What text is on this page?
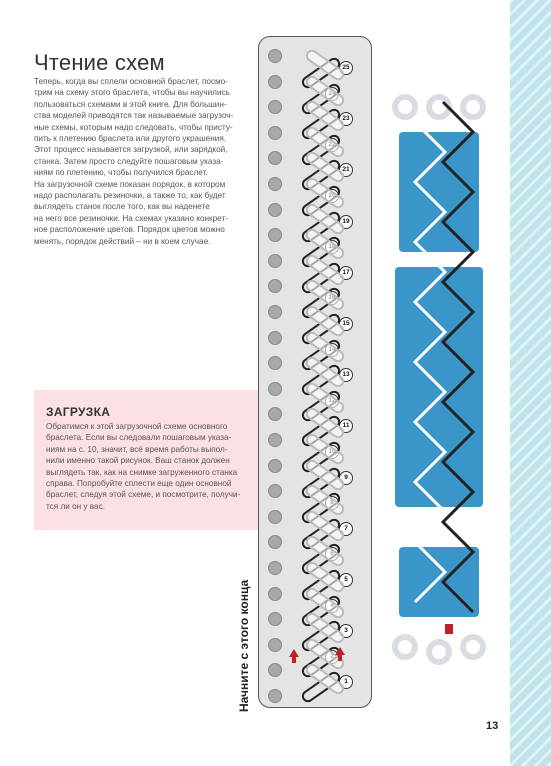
Чтение схем

Теперь, когда вы сплели основной браслет, посмо-

трим на схему этого браслета, чтобы вы научились

пользоваться схемами в этой книге. Для большин-

ства моделей приводятся так называемые загрузоч-

ные схемы, которым надо следовать, чтобы присту-

пить к плетению браслета или другого украшения.

Этот процесс называется загрузкой, или зарядкой,

станка. Затем просто следуйте пошаговым указа-

ниям по плетению, чтобы получился браслет.

На загрузочной схеме показан порядок, в котором

надо располагать резиночки, а также то, как будет

выглядеть станок после того, как вы наденете

на него все резиночки. На схемах указано конкрет-

ное расположение цветов. Порядок цветов можно

менять, порядок действий – ни в коем случае.

ЗАГРУЗКА
Обратимся к этой загрузочной схеме основного
браслета. Если вы следовали пошаговым указа-
ниям на с. 10, значит, всё время работы выпол-
нили именно такой рисунок. Ваш станок должен
выглядеть так, как на снимке загруженного станка
справа. Попробуйте сплести еще один основной
браслет, следуя этой схеме, и посмотрите, получи-
тся ли он у вас.
Начните с этого конца
25
23
21
19
17
15
13
11
9
7
5
3
1
13
